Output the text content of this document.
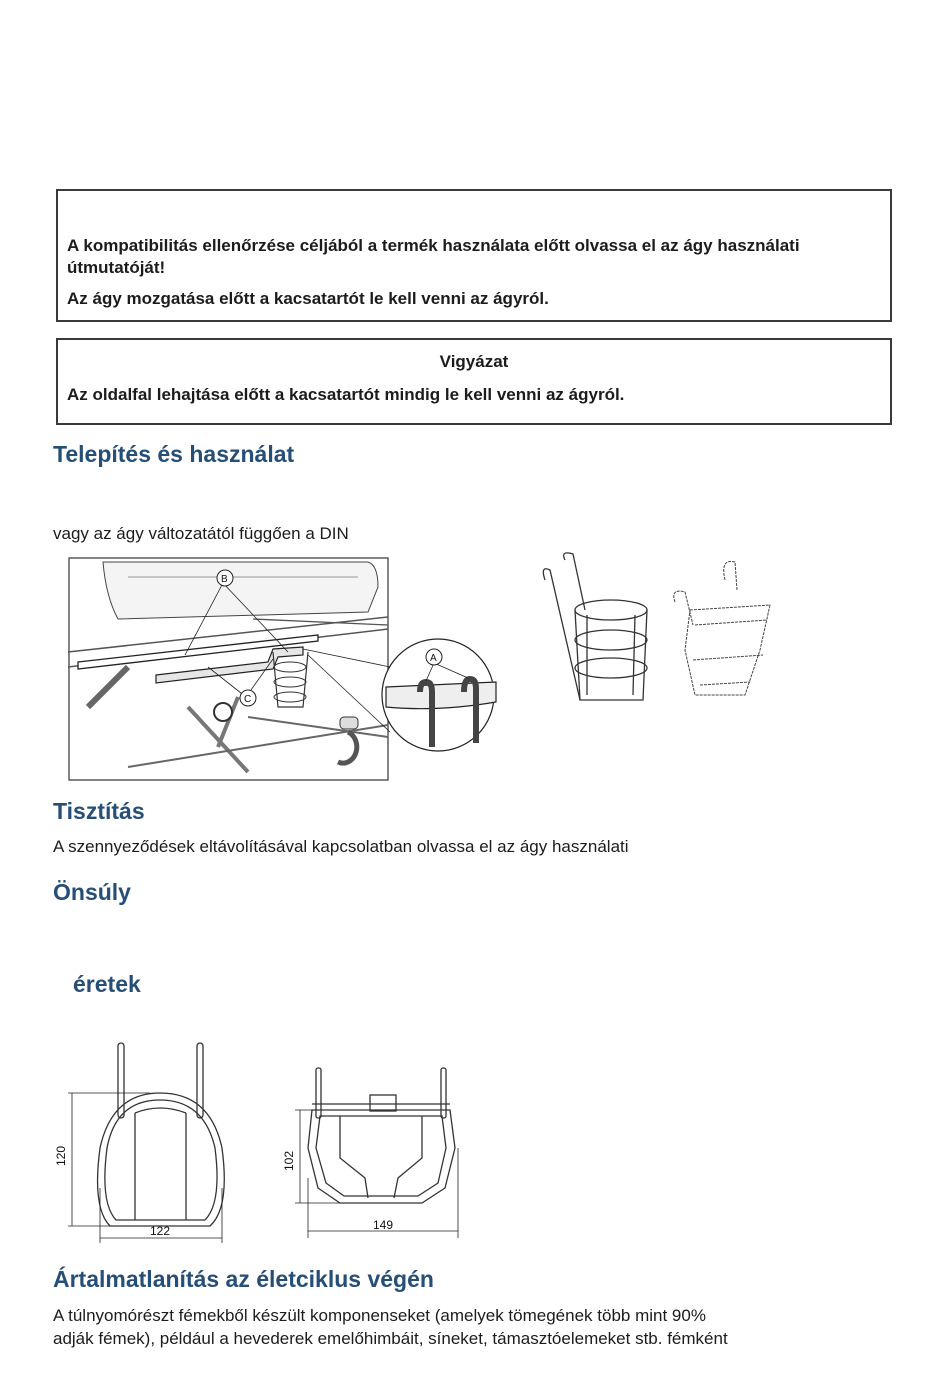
A kompatibilitás ellenőrzése céljából a termék használata előtt olvassa el az ágy használati útmutatóját!

Az ágy mozgatása előtt a kacsatartót le kell venni az ágyról.

Vigyázat

Az oldalfal lehajtása előtt a kacsatartót mindig le kell venni az ágyról.

Telepítés és használat

vagy az ágy változatától függően a DIN

B
C
A
Tisztítás

A szennyeződések eltávolításával kapcsolatban olvassa el az ágy használati

Önsúly
éretek
120
122
102
149
Ártalmatlanítás az életciklus végén

A túlnyomórészt fémekből készült komponenseket (amelyek tömegének több mint 90%

adják fémek), például a hevederek emelőhimbáit, síneket, támasztóelemeket stb. fémként
